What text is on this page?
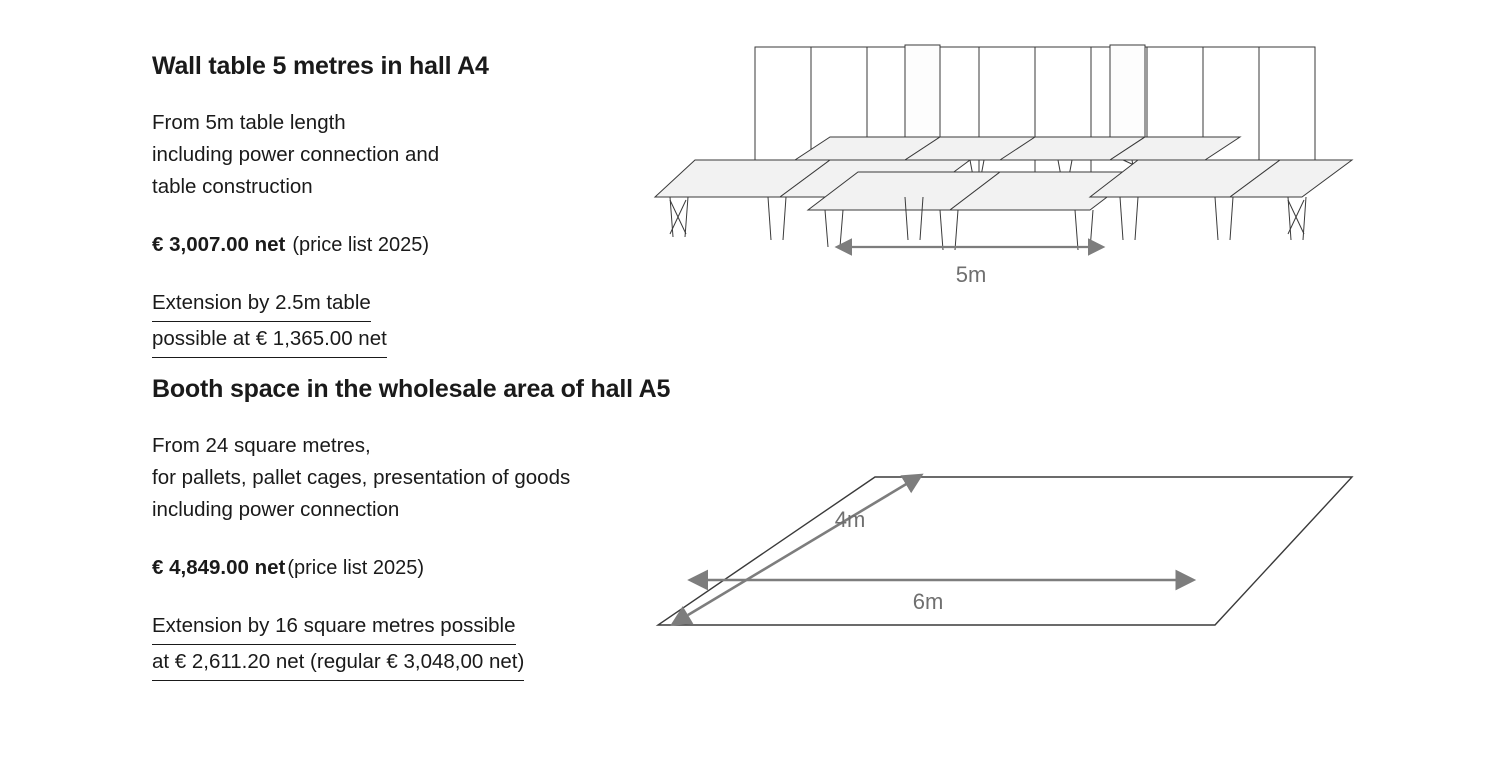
Wall table 5 metres in hall A4
From 5m table length
including power connection and
table construction
€ 3,007.00 net (price list 2025)
Extension by 2.5m table
possible at € 1,365.00 net
5m
Booth space in the wholesale area of hall A5
From 24 square metres,
for pallets, pallet cages, presentation of goods
including power connection
€ 4,849.00 net (price list 2025)
Extension by 16 square metres possible
at € 2,611.20 net (regular € 3,048,00 net)
4m
6m
